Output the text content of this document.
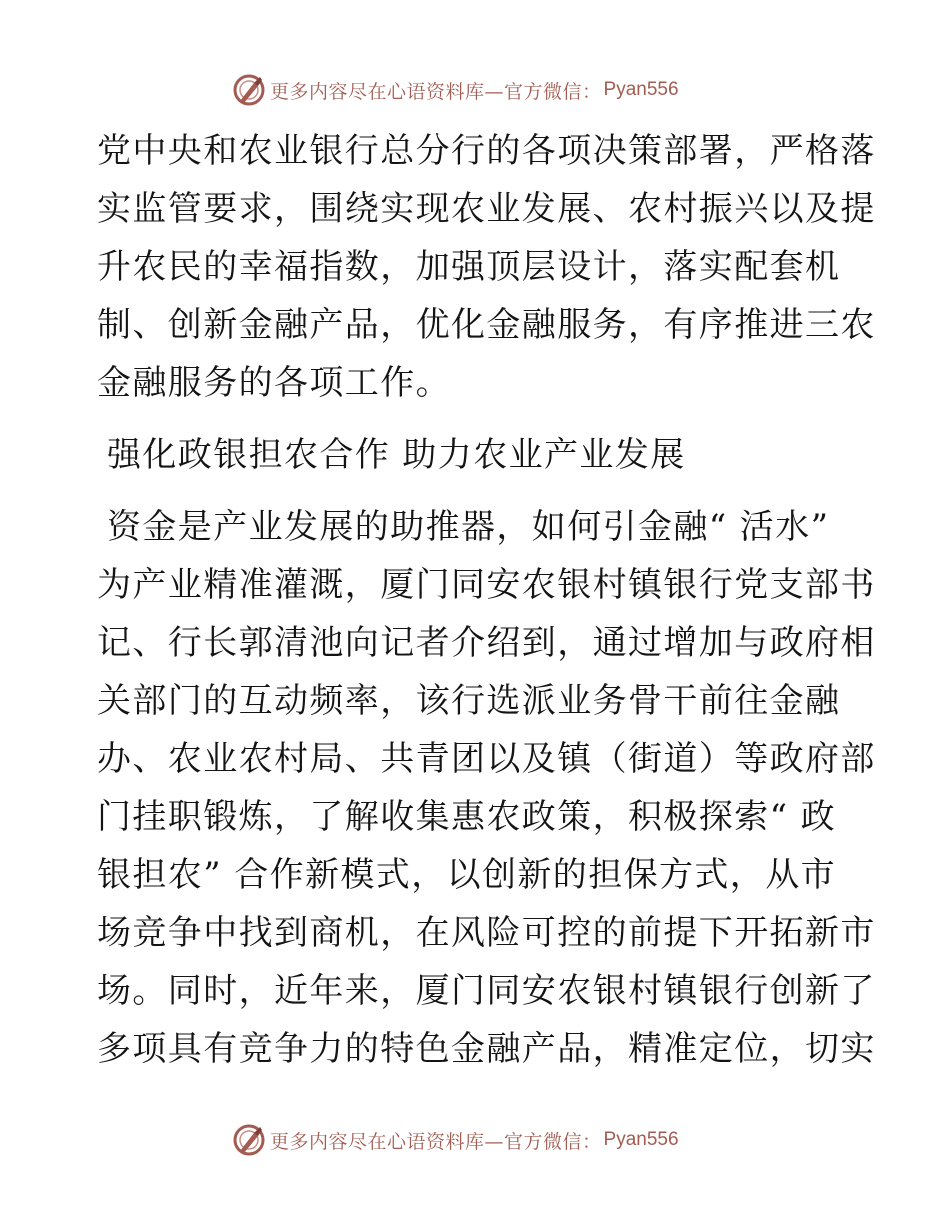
更多内容尽在心语资料库—官方微信： Pyan556
党中央和农业银行总分行的各项决策部署，严格落
实监管要求，围绕实现农业发展、农村振兴以及提
升农民的幸福指数，加强顶层设计，落实配套机
制、创新金融产品，优化金融服务，有序推进三农
金融服务的各项工作。
强化政银担农合作 助力农业产业发展
资金是产业发展的助推器，如何引金融“ 活水”
为产业精准灌溉，厦门同安农银村镇银行党支部书
记、行长郭清池向记者介绍到，通过增加与政府相
关部门的互动频率，该行选派业务骨干前往金融
办、农业农村局、共青团以及镇（街道）等政府部
门挂职锻炼，了解收集惠农政策，积极探索“ 政
银担农” 合作新模式，以创新的担保方式，从市
场竞争中找到商机，在风险可控的前提下开拓新市
场。同时，近年来，厦门同安农银村镇银行创新了
多项具有竞争力的特色金融产品，精准定位，切实
更多内容尽在心语资料库—官方微信： Pyan556
